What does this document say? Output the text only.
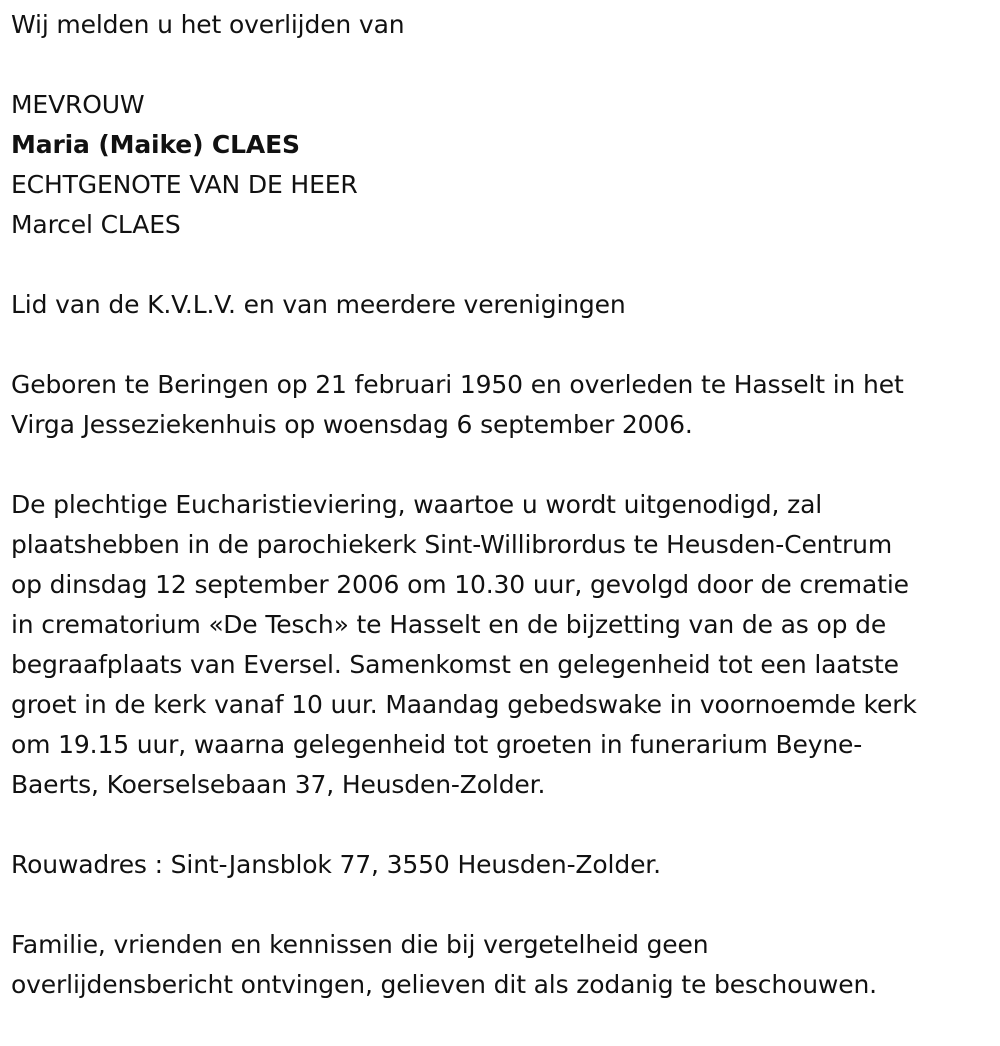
Wij melden u het overlijden van

MEVROUW

Maria (Maike) CLAES

ECHTGENOTE VAN DE HEER

Marcel CLAES

Lid van de K.V.L.V. en van meerdere verenigingen

Geboren te Beringen op 21 februari 1950 en overleden te Hasselt in het

Virga Jesseziekenhuis op woensdag 6 september 2006.

De plechtige Eucharistieviering, waartoe u wordt uitgenodigd, zal

plaatshebben in de parochiekerk Sint-Willibrordus te Heusden-Centrum

op dinsdag 12 september 2006 om 10.30 uur, gevolgd door de crematie

in crematorium «De Tesch» te Hasselt en de bijzetting van de as op de

begraafplaats van Eversel. Samenkomst en gelegenheid tot een laatste

groet in de kerk vanaf 10 uur. Maandag gebedswake in voornoemde kerk

om 19.15 uur, waarna gelegenheid tot groeten in funerarium Beyne-

Baerts, Koerselsebaan 37, Heusden-Zolder.

Rouwadres : Sint-Jansblok 77, 3550 Heusden-Zolder.

Familie, vrienden en kennissen die bij vergetelheid geen

overlijdensbericht ontvingen, gelieven dit als zodanig te beschouwen.
